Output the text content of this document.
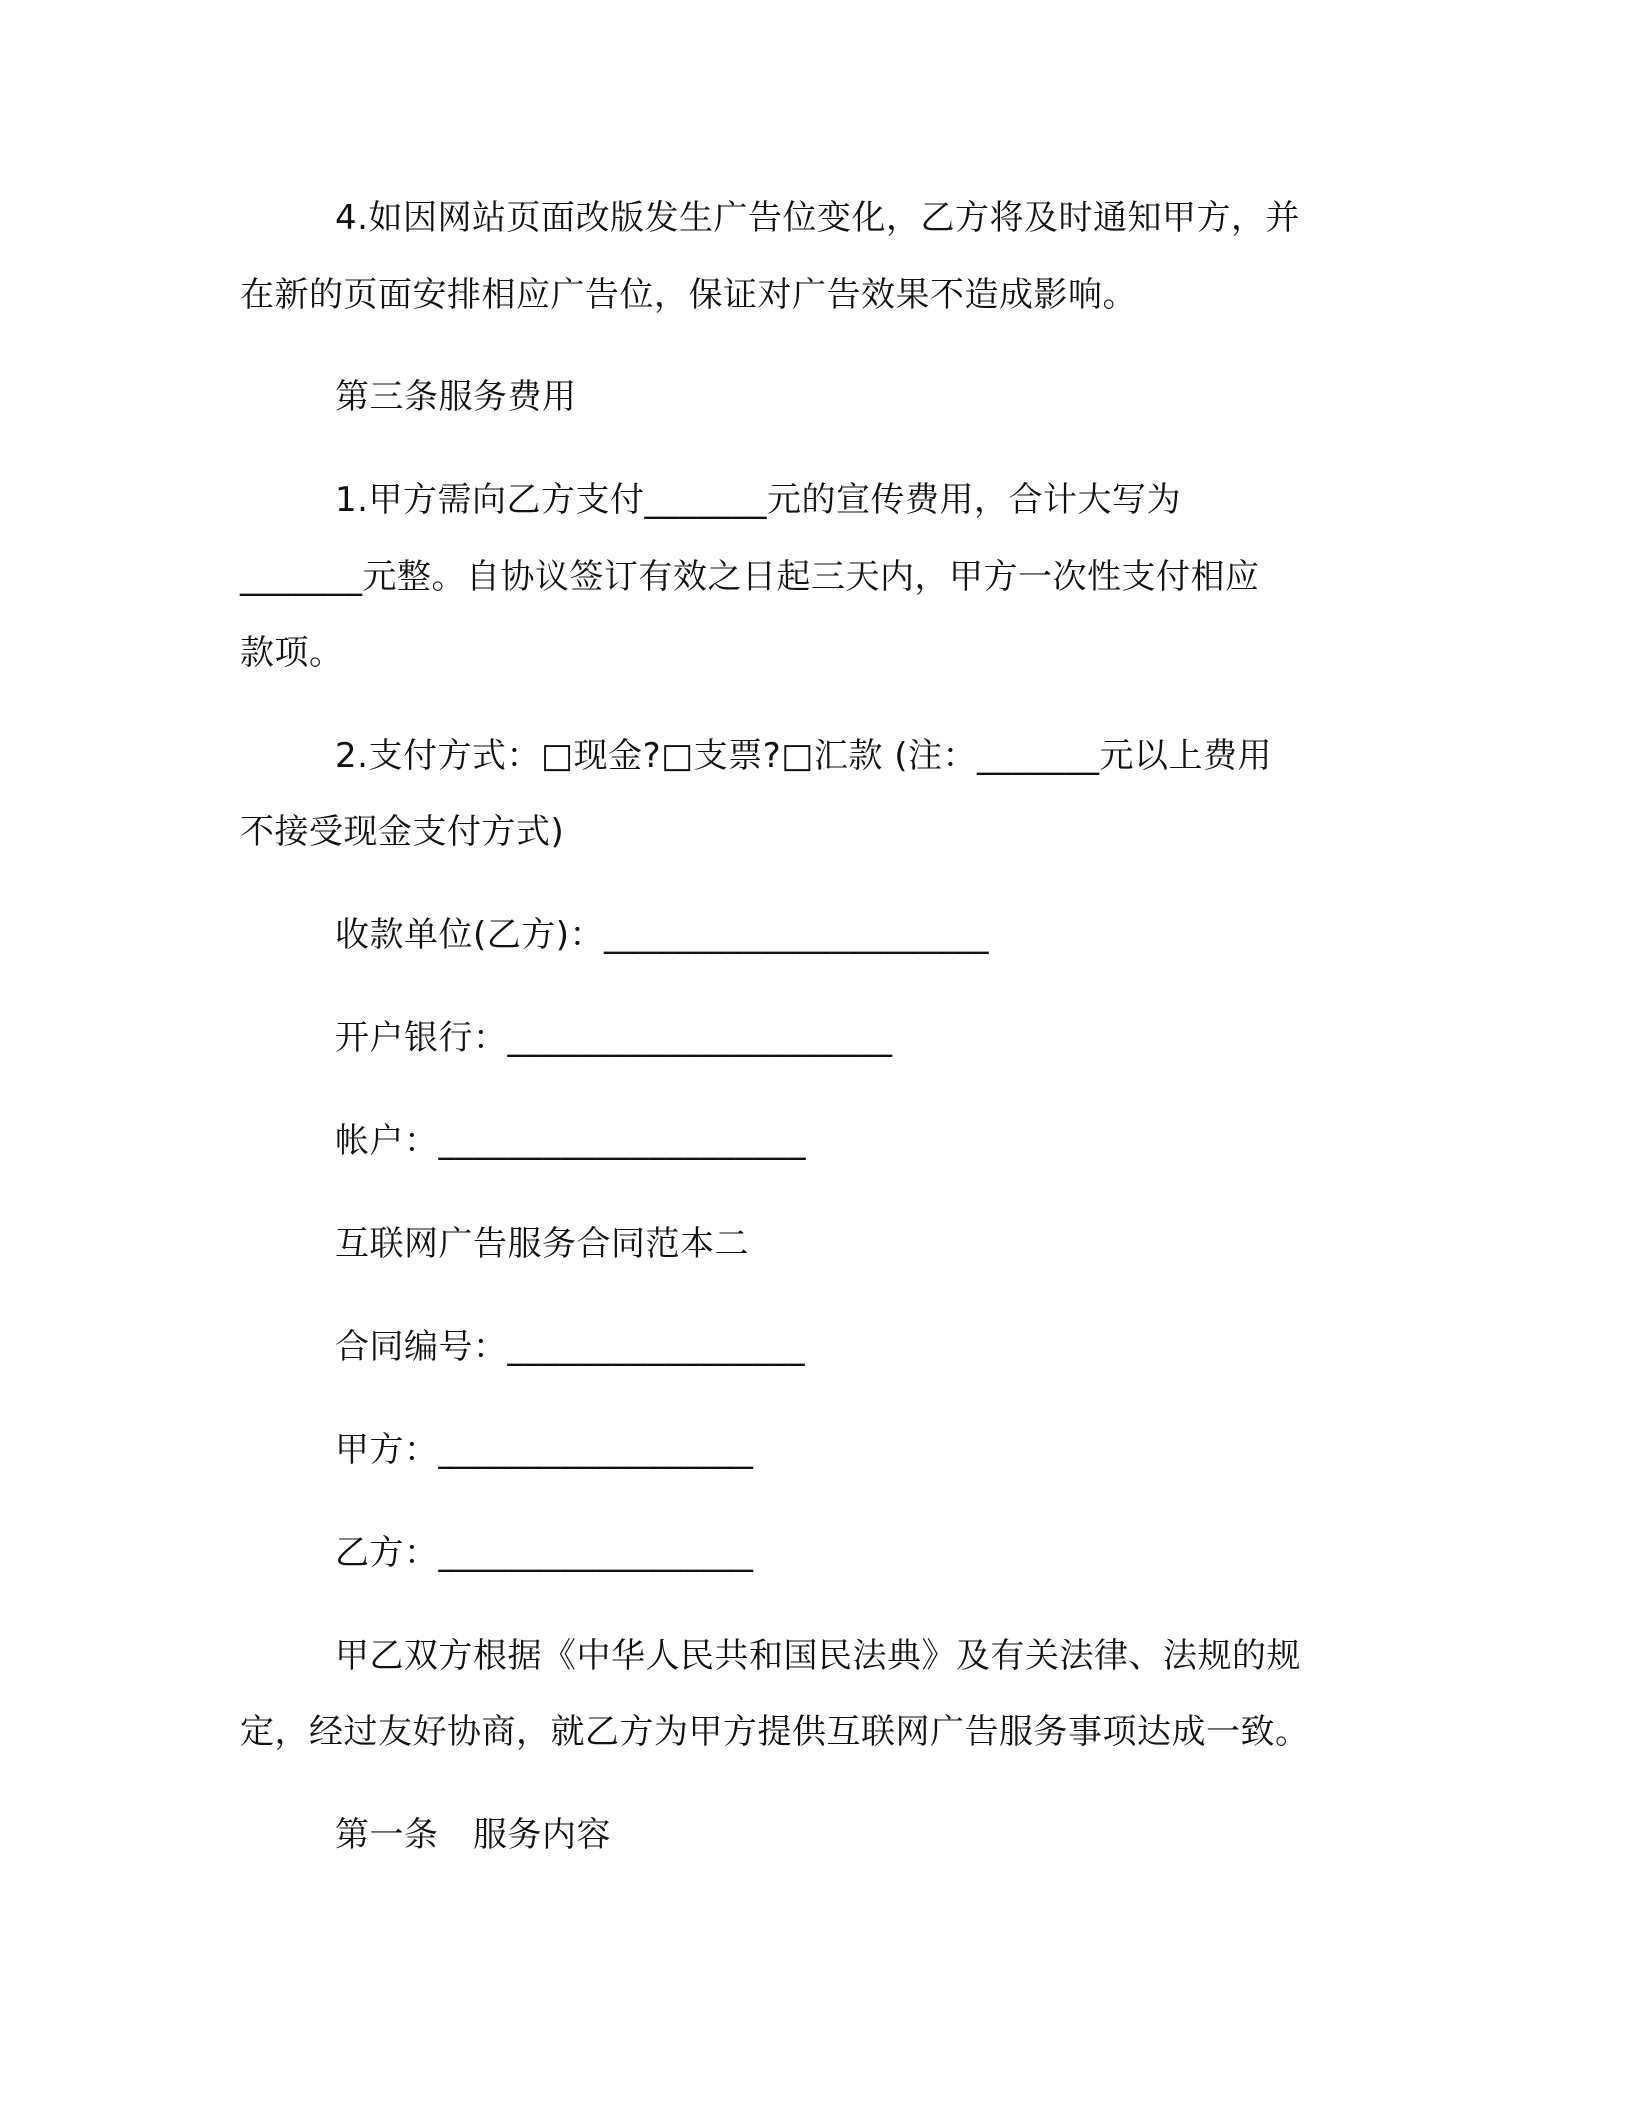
4.如因网站页面改版发生广告位变化，乙方将及时通知甲方，并
在新的页面安排相应广告位，保证对广告效果不造成影响。
第三条服务费用
1.甲方需向乙方支付_______元的宣传费用，合计大写为
_______元整。自协议签订有效之日起三天内，甲方一次性支付相应
款项。
2.支付方式：□现金?□支票?□汇款 (注：_______元以上费用
不接受现金支付方式)
收款单位(乙方)：______________________
开户银行：______________________
帐户：_____________________
互联网广告服务合同范本二
合同编号：_________________
甲方：__________________
乙方：__________________
甲乙双方根据《中华人民共和国民法典》及有关法律、法规的规
定，经过友好协商，就乙方为甲方提供互联网广告服务事项达成一致。
第一条　服务内容
